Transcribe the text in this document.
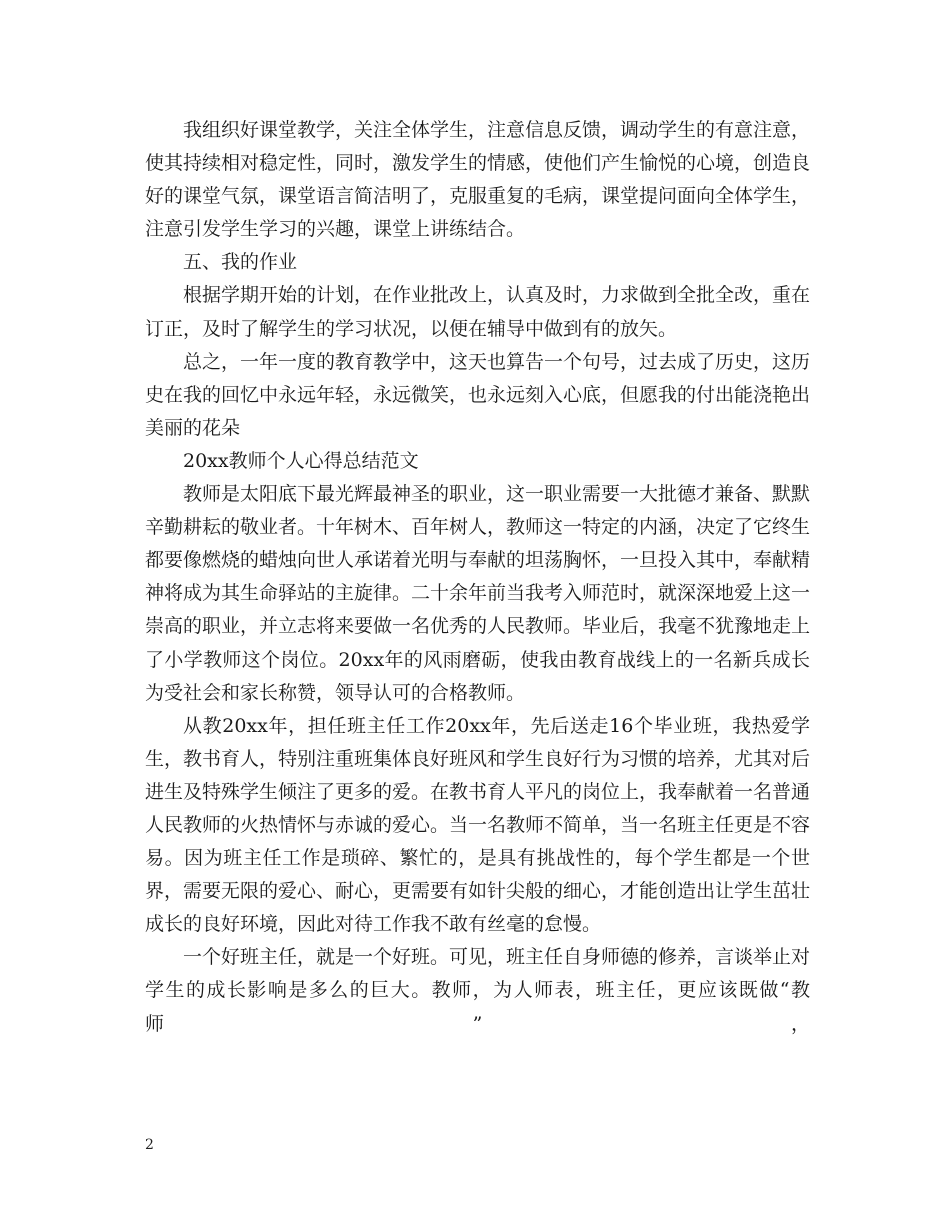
我组织好课堂教学，关注全体学生，注意信息反馈，调动学生的有意注意，使其持续相对稳定性，同时，激发学生的情感，使他们产生愉悦的心境，创造良好的课堂气氛，课堂语言简洁明了，克服重复的毛病，课堂提问面向全体学生，注意引发学生学习的兴趣，课堂上讲练结合。

五、我的作业

根据学期开始的计划，在作业批改上，认真及时，力求做到全批全改，重在订正，及时了解学生的学习状况，以便在辅导中做到有的放矢。

总之，一年一度的教育教学中，这天也算告一个句号，过去成了历史，这历史在我的回忆中永远年轻，永远微笑，也永远刻入心底，但愿我的付出能浇艳出美丽的花朵

20xx教师个人心得总结范文

教师是太阳底下最光辉最神圣的职业，这一职业需要一大批德才兼备、默默辛勤耕耘的敬业者。十年树木、百年树人，教师这一特定的内涵，决定了它终生都要像燃烧的蜡烛向世人承诺着光明与奉献的坦荡胸怀，一旦投入其中，奉献精神将成为其生命驿站的主旋律。二十余年前当我考入师范时，就深深地爱上这一崇高的职业，并立志将来要做一名优秀的人民教师。毕业后，我毫不犹豫地走上了小学教师这个岗位。20xx年的风雨磨砺，使我由教育战线上的一名新兵成长为受社会和家长称赞，领导认可的合格教师。

从教20xx年，担任班主任工作20xx年，先后送走16个毕业班，我热爱学生，教书育人，特别注重班集体良好班风和学生良好行为习惯的培养，尤其对后进生及特殊学生倾注了更多的爱。在教书育人平凡的岗位上，我奉献着一名普通人民教师的火热情怀与赤诚的爱心。当一名教师不简单，当一名班主任更是不容易。因为班主任工作是琐碎、繁忙的，是具有挑战性的，每个学生都是一个世界，需要无限的爱心、耐心，更需要有如针尖般的细心，才能创造出让学生茁壮成长的良好环境，因此对待工作我不敢有丝毫的怠慢。

一个好班主任，就是一个好班。可见，班主任自身师德的修养，言谈举止对学生的成长影响是多么的巨大。教师，为人师表，班主任，更应该既做“教师”，

2
